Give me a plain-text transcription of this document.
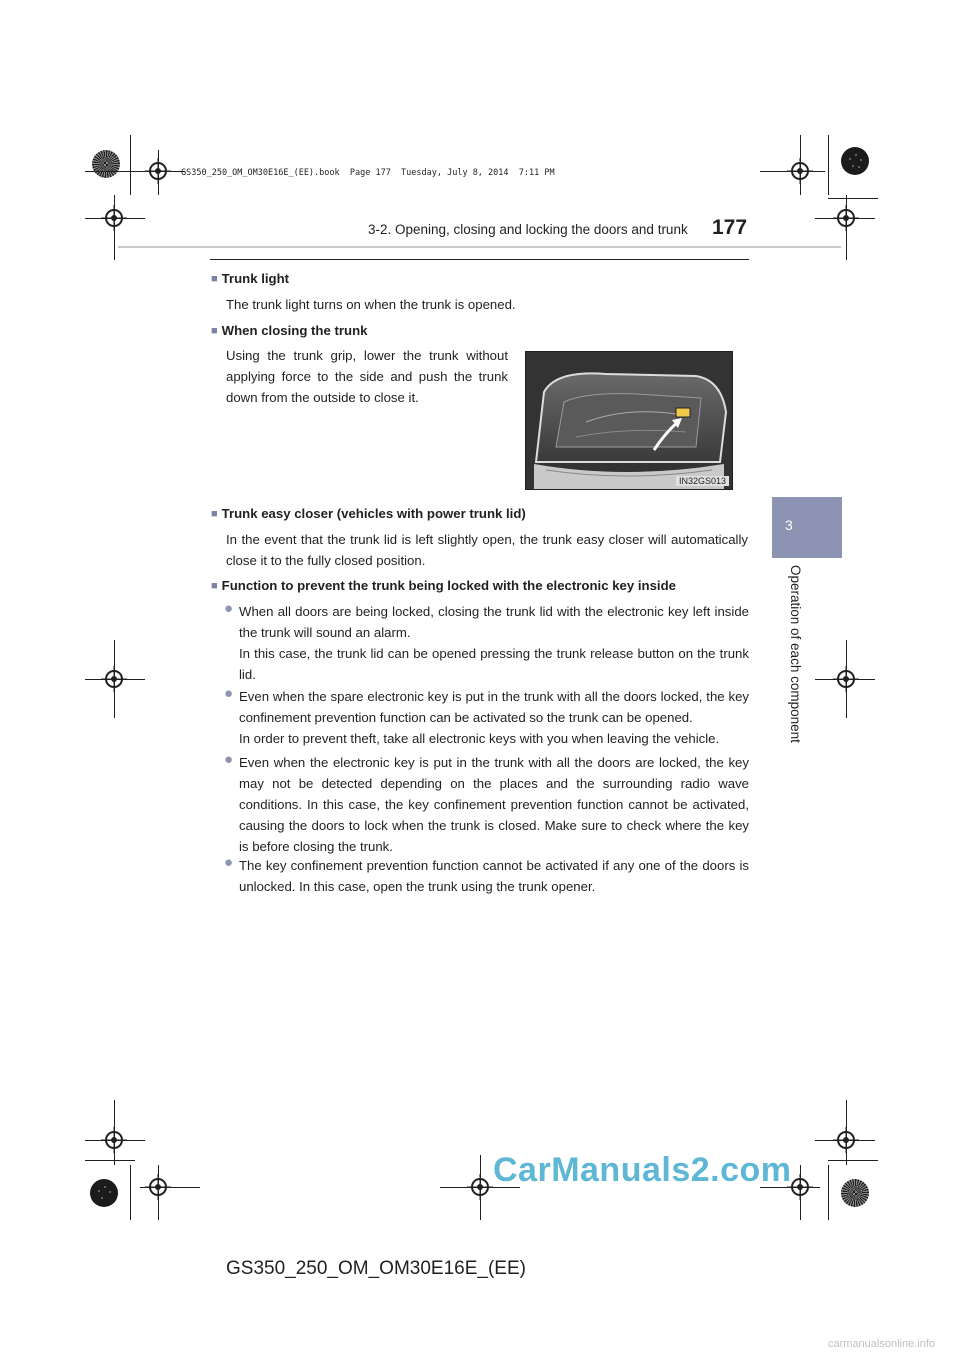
GS350_250_OM_OM30E16E_(EE).book  Page 177  Tuesday, July 8, 2014  7:11 PM
3-2. Opening, closing and locking the doors and trunk 177
3
Operation of each component
■ Trunk light
The trunk light turns on when the trunk is opened.
■ When closing the trunk
Using the trunk grip, lower the trunk without applying force to the side and push the trunk down from the outside to close it.
IN32GS013
■ Trunk easy closer (vehicles with power trunk lid)
In the event that the trunk lid is left slightly open, the trunk easy closer will automatically close it to the fully closed position.
■ Function to prevent the trunk being locked with the electronic key inside
● When all doors are being locked, closing the trunk lid with the electronic key left inside the trunk will sound an alarm.
In this case, the trunk lid can be opened pressing the trunk release button on the trunk lid.
● Even when the spare electronic key is put in the trunk with all the doors locked, the key confinement prevention function can be activated so the trunk can be opened.
In order to prevent theft, take all electronic keys with you when leaving the vehicle.
● Even when the electronic key is put in the trunk with all the doors are locked, the key may not be detected depending on the places and the surrounding radio wave conditions. In this case, the key confinement prevention function cannot be activated, causing the doors to lock when the trunk is closed. Make sure to check where the key is before closing the trunk.
● The key confinement prevention function cannot be activated if any one of the doors is unlocked. In this case, open the trunk using the trunk opener.
CarManuals2.com
GS350_250_OM_OM30E16E_(EE)
carmanualsonline.info
